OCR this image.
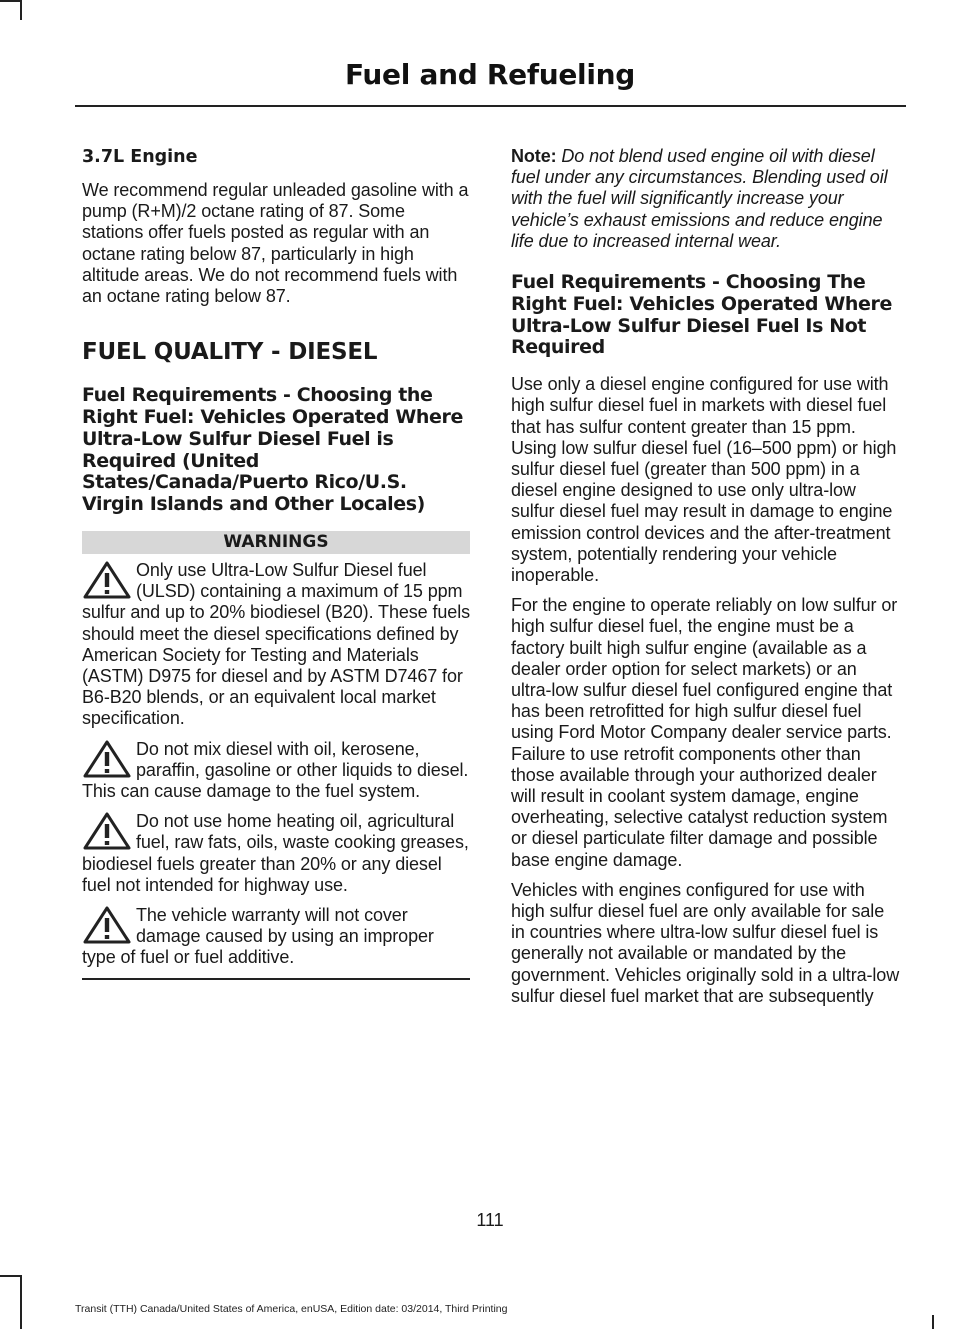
Fuel and Refueling
3.7L Engine

We recommend regular unleaded gasoline with a pump (R+M)/2 octane rating of 87. Some stations offer fuels posted as regular with an octane rating below 87, particularly in high altitude areas. We do not recommend fuels with an octane rating below 87.

FUEL QUALITY - DIESEL
Fuel Requirements - Choosing the Right Fuel: Vehicles Operated Where Ultra-Low Sulfur Diesel Fuel is Required (United States/Canada/Puerto Rico/U.S. Virgin Islands and Other Locales)
WARNINGS
Only use Ultra-Low Sulfur Diesel fuel (ULSD) containing a maximum of 15 ppm sulfur and up to 20% biodiesel (B20). These fuels should meet the diesel specifications defined by American Society for Testing and Materials (ASTM) D975 for diesel and by ASTM D7467 for B6-B20 blends, or an equivalent local market specification.
Do not mix diesel with oil, kerosene, paraffin, gasoline or other liquids to diesel. This can cause damage to the fuel system.
Do not use home heating oil, agricultural fuel, raw fats, oils, waste cooking greases, biodiesel fuels greater than 20% or any diesel fuel not intended for highway use.
The vehicle warranty will not cover damage caused by using an improper type of fuel or fuel additive.

Note: Do not blend used engine oil with diesel fuel under any circumstances. Blending used oil with the fuel will significantly increase your vehicle’s exhaust emissions and reduce engine life due to increased internal wear.

Fuel Requirements - Choosing The Right Fuel: Vehicles Operated Where Ultra-Low Sulfur Diesel Fuel Is Not Required

Use only a diesel engine configured for use with high sulfur diesel fuel in markets with diesel fuel that has sulfur content greater than 15 ppm. Using low sulfur diesel fuel (16–500 ppm) or high sulfur diesel fuel (greater than 500 ppm) in a diesel engine designed to use only ultra-low sulfur diesel fuel may result in damage to engine emission control devices and the after-treatment system, potentially rendering your vehicle inoperable.

For the engine to operate reliably on low sulfur or high sulfur diesel fuel, the engine must be a factory built high sulfur engine (available as a dealer order option for select markets) or an ultra-low sulfur diesel fuel configured engine that has been retrofitted for high sulfur diesel fuel using Ford Motor Company dealer service parts. Failure to use retrofit components other than those available through your authorized dealer will result in coolant system damage, engine overheating, selective catalyst reduction system or diesel particulate filter damage and possible base engine damage.

Vehicles with engines configured for use with high sulfur diesel fuel are only available for sale in countries where ultra-low sulfur diesel fuel is generally not available or mandated by the government. Vehicles originally sold in a ultra-low sulfur diesel fuel market that are subsequently

111
Transit (TTH) Canada/United States of America, enUSA, Edition date: 03/2014, Third Printing
